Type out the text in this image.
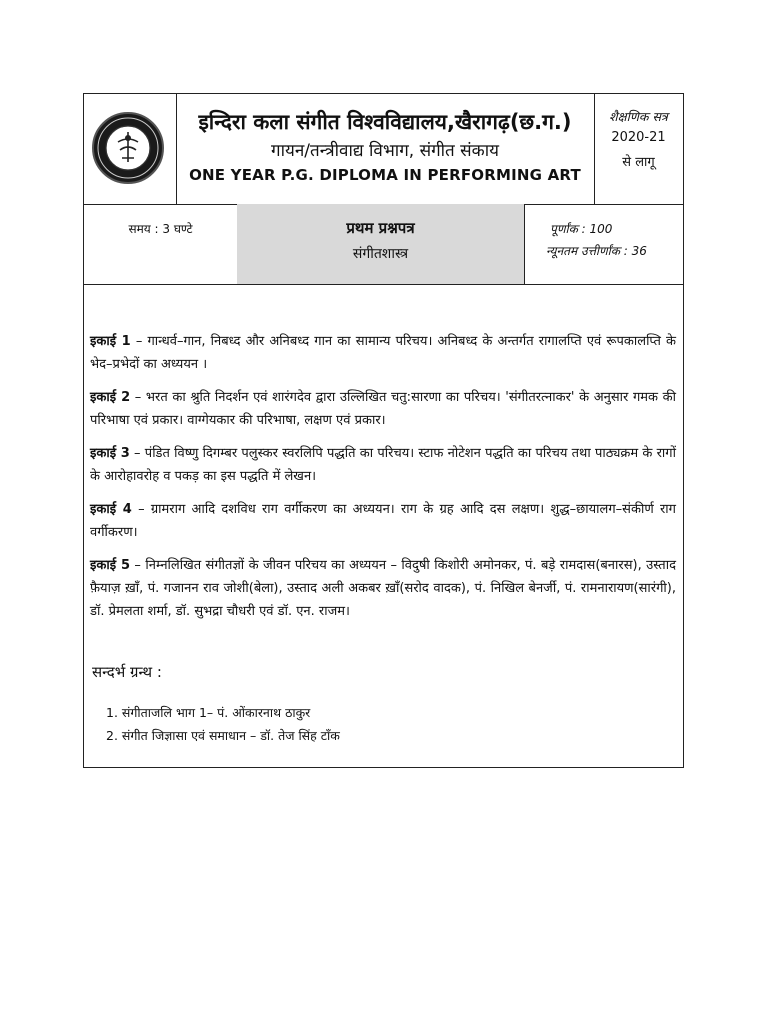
इन्दिरा कला संगीत विश्वविद्यालय,खैरागढ़(छ.ग.)
गायन/तन्त्रीवाद्य विभाग, संगीत संकाय
ONE YEAR P.G. DIPLOMA IN PERFORMING ART
शैक्षणिक सत्र
2020-21
से लागू
समय : 3 घण्टे	प्रथम प्रश्नपत्र
संगीतशास्त्र
पूर्णांक : 100
न्यूनतम उत्तीर्णांक : 36
इकाई 1 – गान्धर्व–गान, निबध्द और अनिबध्द गान का सामान्य परिचय। अनिबध्द के अन्तर्गत रागालप्ति एवं रूपकालप्ति के भेद–प्रभेदों का अध्ययन ।
इकाई 2 – भरत का श्रुति निदर्शन एवं शारंगदेव द्वारा उल्लिखित चतु:सारणा का परिचय। 'संगीतरत्नाकर' के अनुसार गमक की परिभाषा एवं प्रकार। वाग्गेयकार की परिभाषा, लक्षण एवं प्रकार।
इकाई 3 – पंडित विष्णु दिगम्बर पलुस्कर स्वरलिपि पद्धति का परिचय। स्टाफ नोटेशन पद्धति का परिचय तथा पाठ्यक्रम के रागों के आरोहावरोह व पकड़ का इस पद्धति में लेखन।
इकाई 4 – ग्रामराग आदि दशविध राग वर्गीकरण का अध्ययन। राग के ग्रह आदि दस लक्षण। शुद्ध–छायालग–संकीर्ण राग वर्गीकरण।
इकाई 5 – निम्नलिखित संगीतज्ञों के जीवन परिचय का अध्ययन – विदुषी किशोरी अमोनकर, पं. बड़े रामदास(बनारस), उस्ताद फ़ैयाज़ ख़ाँ, पं. गजानन राव जोशी(बेला), उस्ताद अली अकबर ख़ाँ(सरोद वादक), पं. निखिल बेनर्जी, पं. रामनारायण(सारंगी), डॉ. प्रेमलता शर्मा, डॉ. सुभद्रा चौधरी एवं डॉ. एन. राजम।
सन्दर्भ ग्रन्थ :
1. संगीताजलि भाग 1– पं. ओंकारनाथ ठाकुर
2. संगीत जिज्ञासा एवं समाधान – डॉ. तेज सिंह टाँक
